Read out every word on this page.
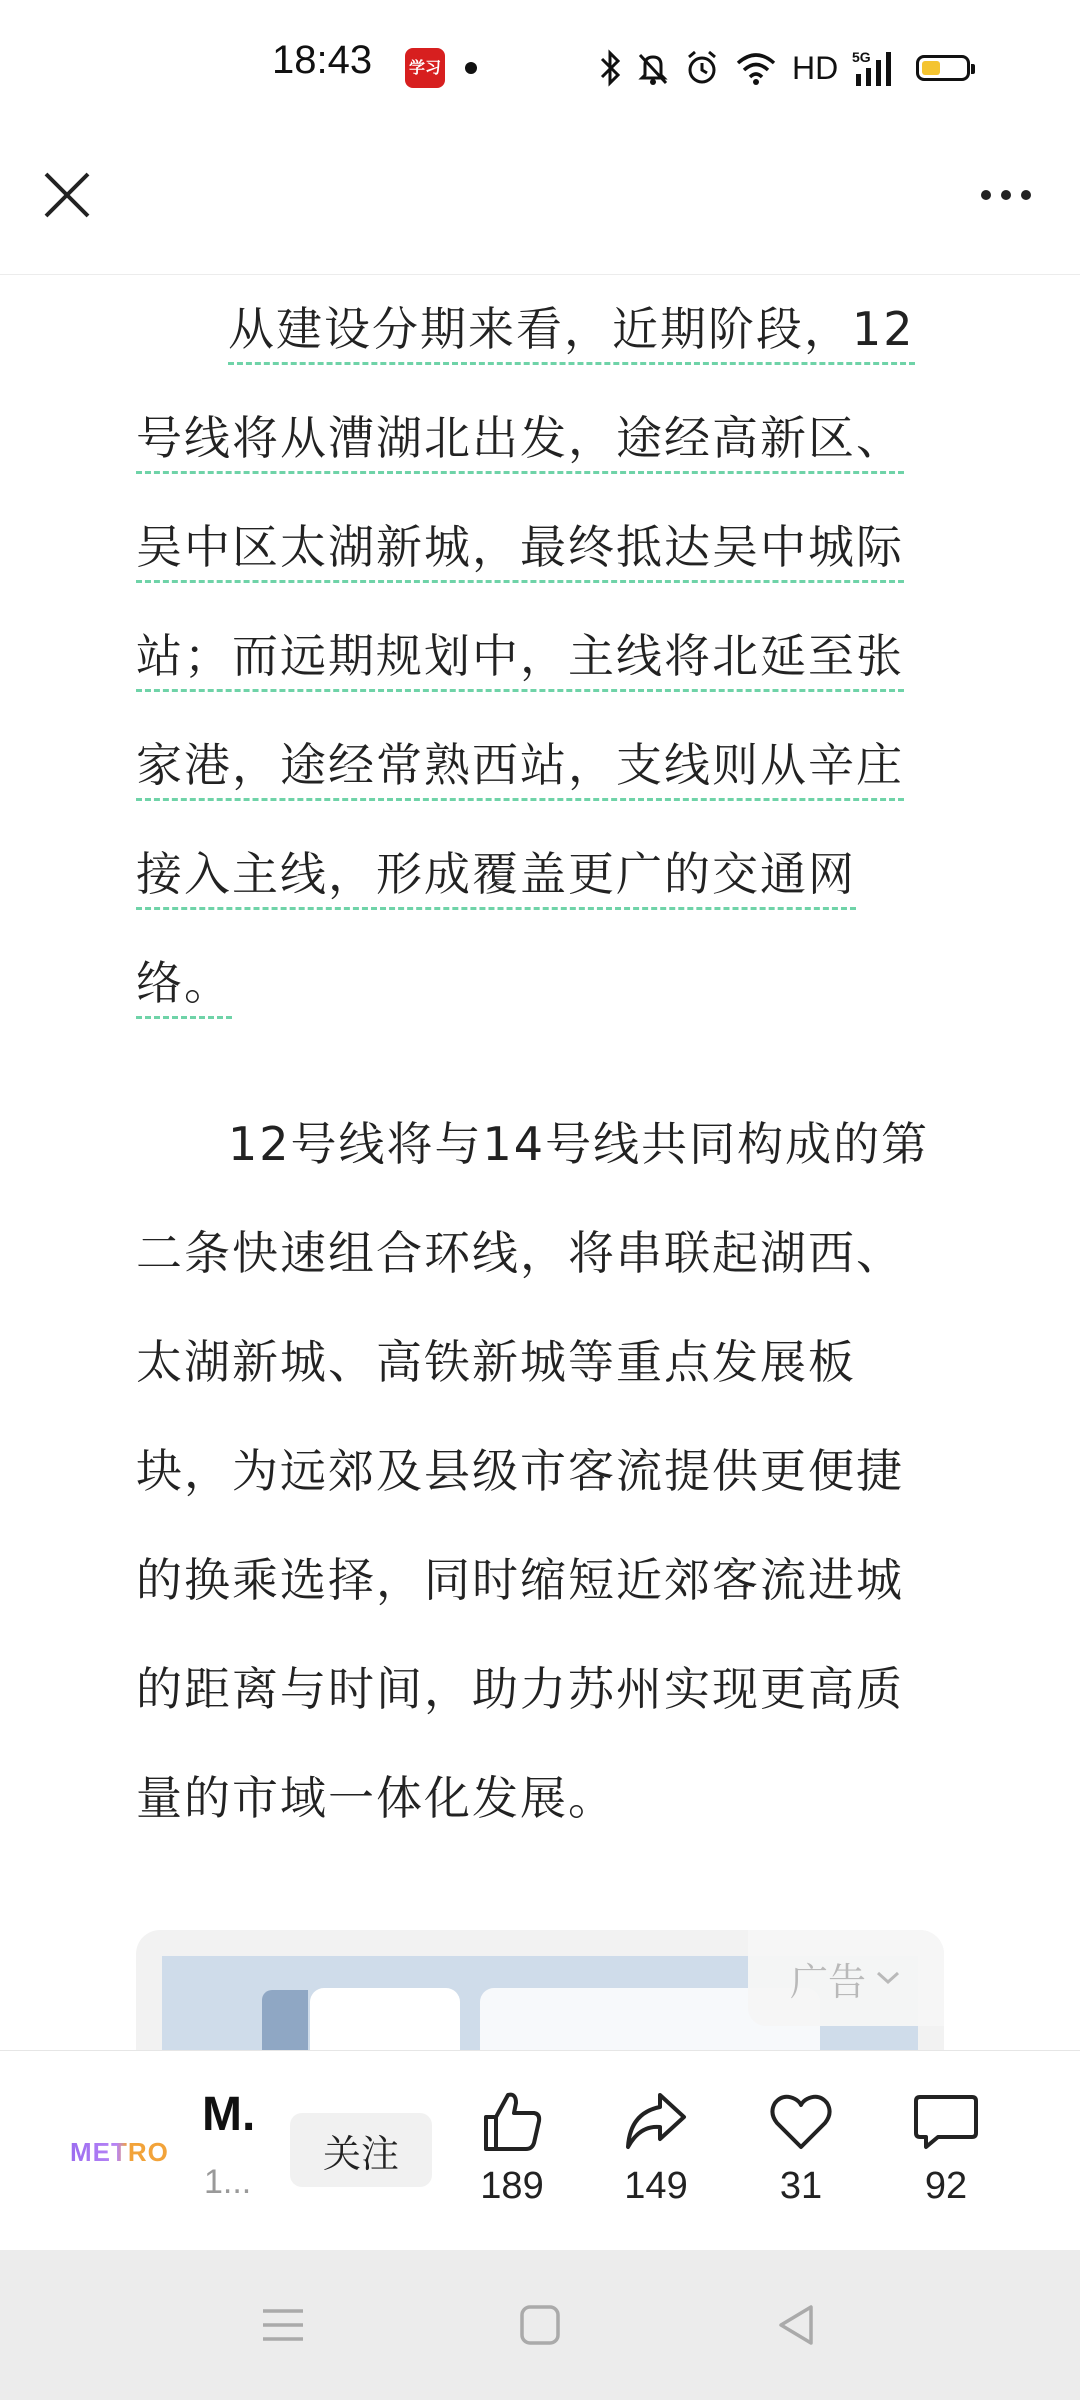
18:43 学习	HD 5G

从建设分期来看，近期阶段，12号线将从漕湖北出发，途经高新区、吴中区太湖新城，最终抵达吴中城际站；而远期规划中，主线将北延至张家港，途经常熟西站，支线则从辛庄接入主线，形成覆盖更广的交通网络。

12号线将与14号线共同构成的第二条快速组合环线，将串联起湖西、太湖新城、高铁新城等重点发展板块，为远郊及县级市客流提供更便捷的换乘选择，同时缩短近郊客流进城的距离与时间，助力苏州实现更高质量的市域一体化发展。

广告
METRO
M.
1...
关注
189 149 31	92
